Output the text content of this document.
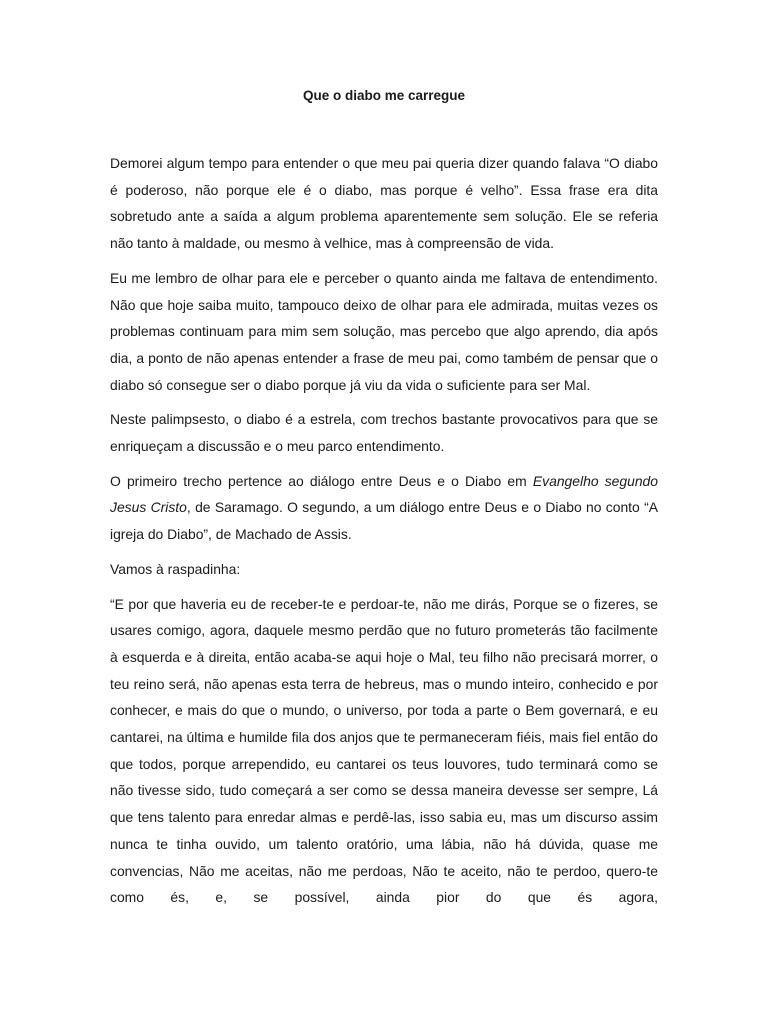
Que o diabo me carregue

Demorei algum tempo para entender o que meu pai queria dizer quando falava “O diabo é poderoso, não porque ele é o diabo, mas porque é velho”. Essa frase era dita sobretudo ante a saída a algum problema aparentemente sem solução. Ele se referia não tanto à maldade, ou mesmo à velhice, mas à compreensão de vida.

Eu me lembro de olhar para ele e perceber o quanto ainda me faltava de entendimento. Não que hoje saiba muito, tampouco deixo de olhar para ele admirada, muitas vezes os problemas continuam para mim sem solução, mas percebo que algo aprendo, dia após dia, a ponto de não apenas entender a frase de meu pai, como também de pensar que o diabo só consegue ser o diabo porque já viu da vida o suficiente para ser Mal.

Neste palimpsesto, o diabo é a estrela, com trechos bastante provocativos para que se enriqueçam a discussão e o meu parco entendimento.

O primeiro trecho pertence ao diálogo entre Deus e o Diabo em Evangelho segundo Jesus Cristo, de Saramago. O segundo, a um diálogo entre Deus e o Diabo no conto “A igreja do Diabo”, de Machado de Assis.

Vamos à raspadinha:

“E por que haveria eu de receber-te e perdoar-te, não me dirás, Porque se o fizeres, se usares comigo, agora, daquele mesmo perdão que no futuro prometerás tão facilmente à esquerda e à direita, então acaba-se aqui hoje o Mal, teu filho não precisará morrer, o teu reino será, não apenas esta terra de hebreus, mas o mundo inteiro, conhecido e por conhecer, e mais do que o mundo, o universo, por toda a parte o Bem governará, e eu cantarei, na última e humilde fila dos anjos que te permaneceram fiéis, mais fiel então do que todos, porque arrependido, eu cantarei os teus louvores, tudo terminará como se não tivesse sido, tudo começará a ser como se dessa maneira devesse ser sempre, Lá que tens talento para enredar almas e perdê-las, isso sabia eu, mas um discurso assim nunca te tinha ouvido, um talento oratório, uma lábia, não há dúvida, quase me convencias, Não me aceitas, não me perdoas, Não te aceito, não te perdoo, quero-te como és, e, se possível, ainda pior do que és agora,
